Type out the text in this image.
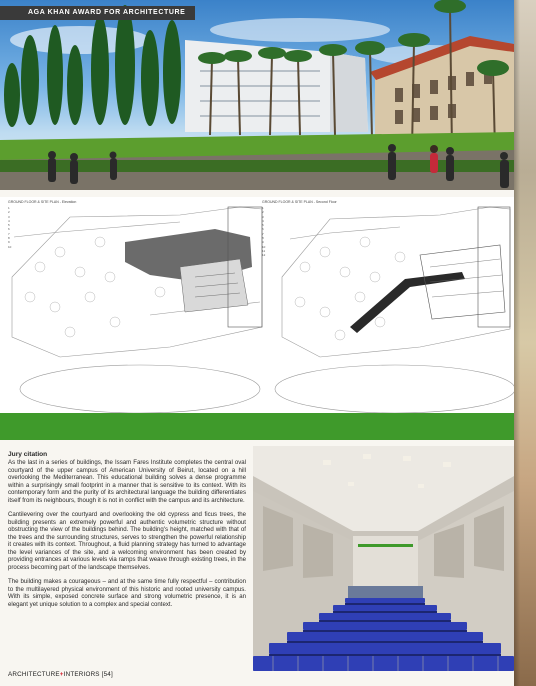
AGA KHAN AWARD FOR ARCHITECTURE
GROUND FLOOR & SITE PLAN - Elevation	GROUND FLOOR & SITE PLAN - Second Floor
1
2
3
4
5
6
7
8
9
10
1
2
3
4
5
6
7
8
9
10
11
12
Jury citation

As the last in a series of buildings, the Issam Fares Institute completes the central oval courtyard of the upper campus of American University of Beirut, located on a hill overlooking the Mediterranean. This educational building solves a dense programme within a surprisingly small footprint in a manner that is sensitive to its context. With its contemporary form and the purity of its architectural language the building differentiates itself from its neighbours, though it is not in conflict with the campus and its architecture.

Cantilevering over the courtyard and overlooking the old cypress and ficus trees, the building presents an extremely powerful and authentic volumetric structure without obstructing the view of the buildings behind. The building's height, matched with that of the trees and the surrounding structures, serves to strengthen the powerful relationship it creates with its context. Throughout, a fluid planning strategy has turned to advantage the level variances of the site, and a welcoming environment has been created by providing entrances at various levels via ramps that weave through existing trees, in the process becoming part of the landscape themselves.

The building makes a courageous – and at the same time fully respectful – contribution to the multilayered physical environment of this historic and rooted university campus. With its simple, exposed concrete surface and strong volumetric presence, it is an elegant yet unique solution to a complex and special context.

ARCHITECTURE+INTERIORS [54]
